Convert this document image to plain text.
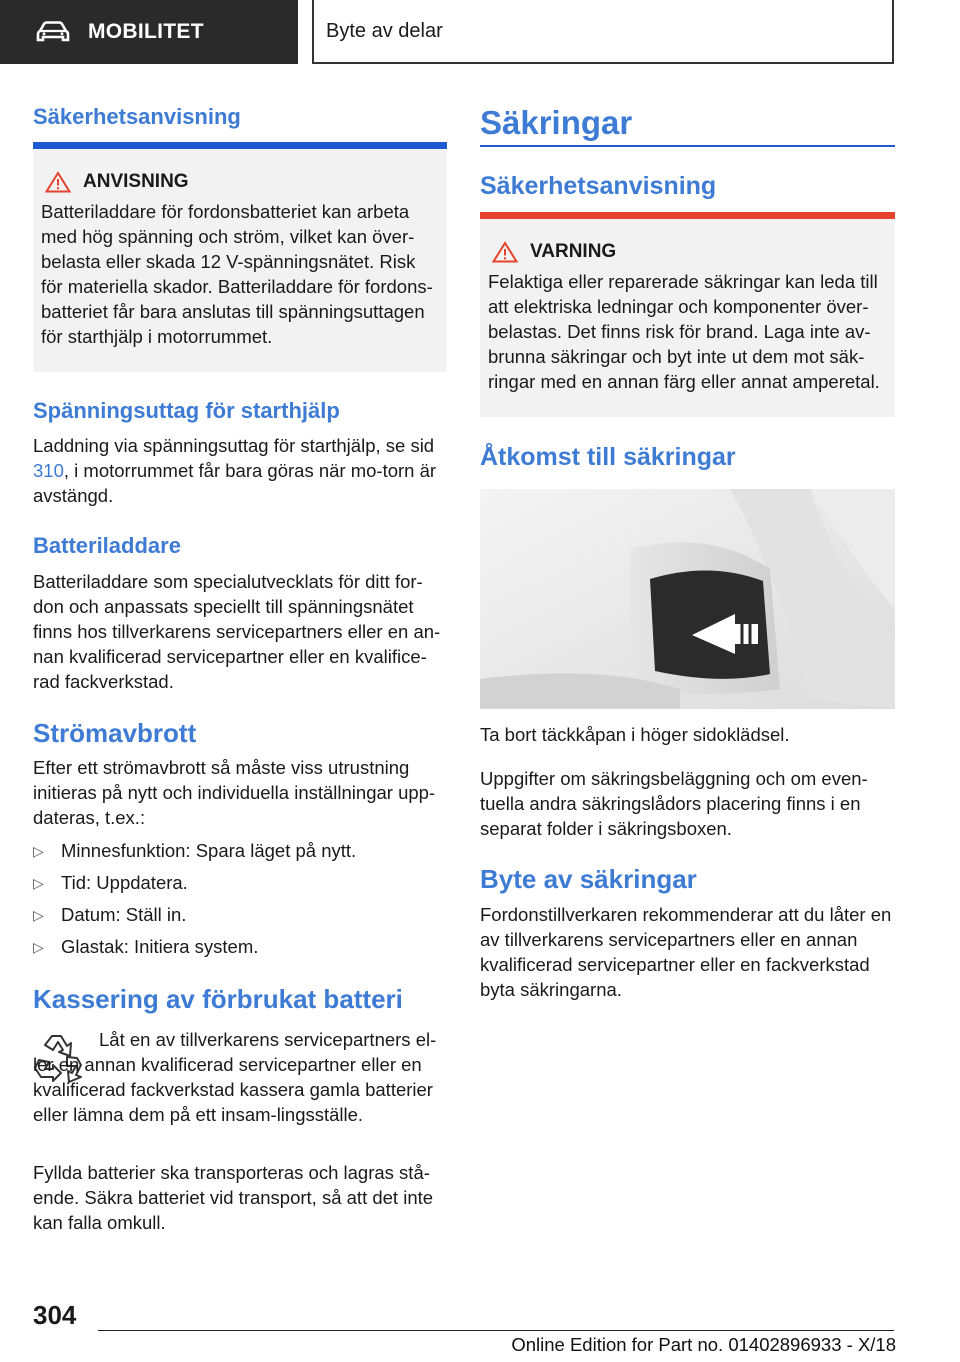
MOBILITET	Byte av delar
Säkerhetsanvisning
ANVISNING
Batteriladdare för fordonsbatteriet kan arbeta med hög spänning och ström, vilket kan över-belasta eller skada 12 V-spänningsnätet. Risk för materiella skador. Batteriladdare för fordons-batteriet får bara anslutas till spänningsuttagen för starthjälp i motorrummet.
Spänningsuttag för starthjälp

Laddning via spänningsuttag för starthjälp, se sid 310, i motorrummet får bara göras när mo-torn är avstängd.

Batteriladdare

Batteriladdare som specialutvecklats för ditt for-don och anpassats speciellt till spänningsnätet finns hos tillverkarens servicepartners eller en an-nan kvalificerad servicepartner eller en kvalifice-rad fackverkstad.

Strömavbrott

Efter ett strömavbrott så måste viss utrustning initieras på nytt och individuella inställningar upp-dateras, t.ex.:

▷ Minnesfunktion: Spara läget på nytt.
▷ Tid: Uppdatera.
▷ Datum: Ställ in.
▷ Glastak: Initiera system.
Kassering av förbrukat batteri

Låt en av tillverkarens servicepartners el-ler en annan kvalificerad servicepartner eller en kvalificerad fackverkstad kassera gamla batterier eller lämna dem på ett insam-lingsställe.

Fyllda batterier ska transporteras och lagras stå-ende. Säkra batteriet vid transport, så att det inte kan falla omkull.

Säkringar
Säkerhetsanvisning
VARNING
Felaktiga eller reparerade säkringar kan leda till att elektriska ledningar och komponenter över-belastas. Det finns risk för brand. Laga inte av-brunna säkringar och byt inte ut dem mot säk-ringar med en annan färg eller annat amperetal.
Åtkomst till säkringar

Ta bort täckkåpan i höger sidoklädsel.

Uppgifter om säkringsbeläggning och om even-tuella andra säkringslådors placering finns i en separat folder i säkringsboxen.

Byte av säkringar

Fordonstillverkaren rekommenderar att du låter en av tillverkarens servicepartners eller en annan kvalificerad servicepartner eller en fackverkstad byta säkringarna.

304
Online Edition for Part no. 01402896933 - X/18
